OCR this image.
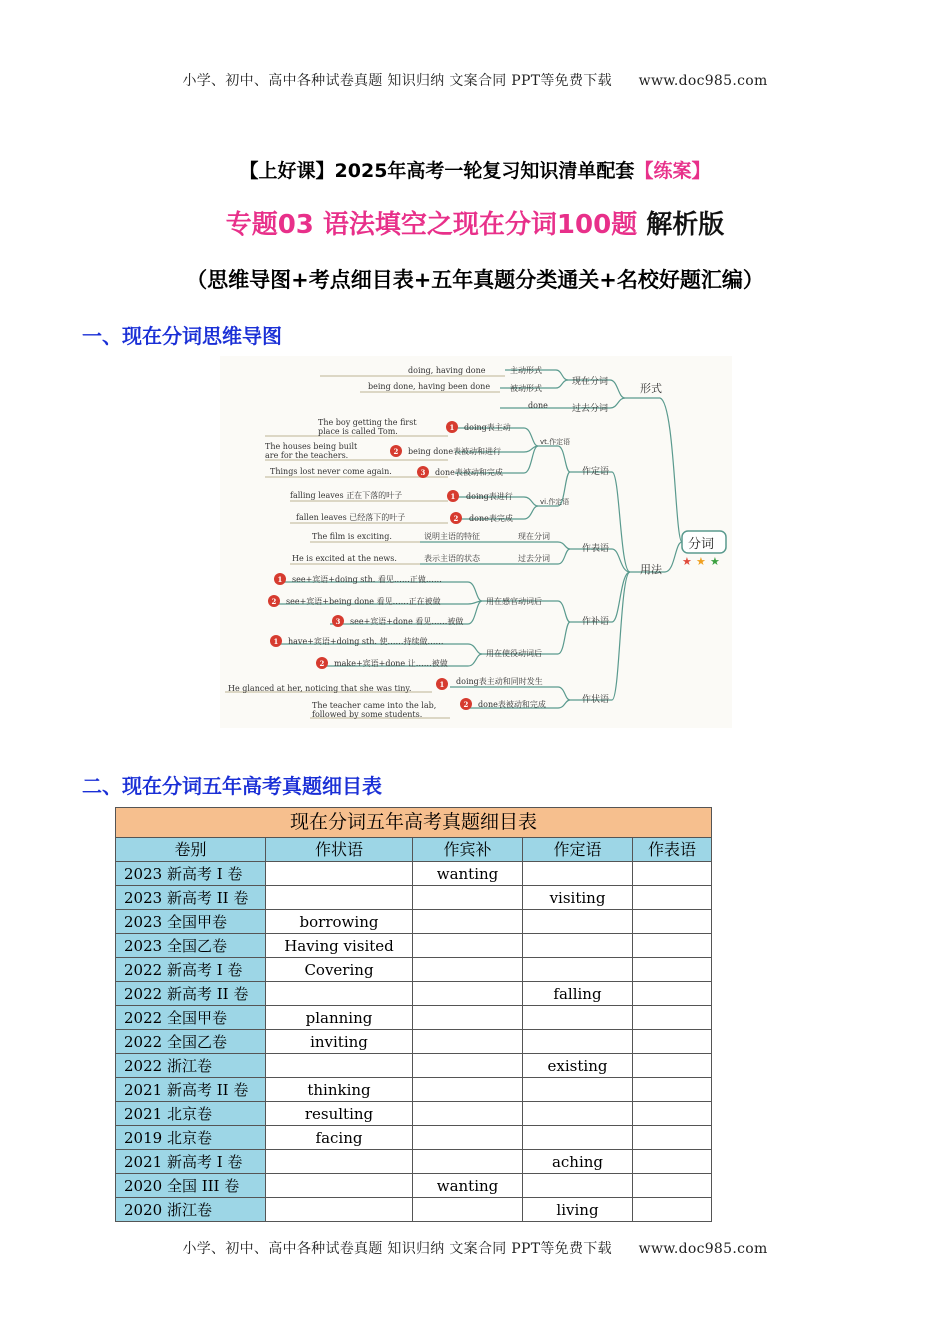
小学、初中、高中各种试卷真题 知识归纳 文案合同 PPT等免费下载 www.doc985.com
【上好课】2025年高考一轮复习知识清单配套【练案】
专题03 语法填空之现在分词100题 解析版
（思维导图+考点细目表+五年真题分类通关+名校好题汇编）
一、现在分词思维导图
分词
★ ★ ★
形式
用法
现在分词
过去分词
主动形式
被动形式
doing, having done
being done, having been done
done
作定语
vt.作定语
vi.作定语
The boy getting the first
place is called Tom.
The houses being built
are for the teachers.
Things lost never come again.
1
2
3
doing表主动
being done表被动和进行
done表被动和完成
falling leaves 正在下落的叶子
fallen leaves 已经落下的叶子
1
2
doing表进行
done表完成
作表语
The film is exciting.
He is excited at the news.
说明主语的特征
表示主语的状态
现在分词
过去分词
作补语
1
2
3
see+宾语+doing sth. 看见……正做……
see+宾语+being done 看见……正在被做
see+宾语+done 看见……被做
用在感官动词后
1
2
have+宾语+doing sth. 使……持续做……
make+宾语+done 让……被做
用在使役动词后
作状语
He glanced at her, noticing that she was tiny.	1 doing表主动和同时发生
The teacher came into the lab,
followed by some students.
2 done表被动和完成
二、现在分词五年高考真题细目表
现在分词五年高考真题细目表				
卷别	作状语	作宾补	作定语	作表语
2023 新高考 I 卷		wanting		
2023 新高考 II 卷			visiting	
2023 全国甲卷	borrowing			
2023 全国乙卷	Having visited			
2022 新高考 I 卷	Covering			
2022 新高考 II 卷			falling	
2022 全国甲卷	planning			
2022 全国乙卷	inviting			
2022 浙江卷			existing	
2021 新高考 II 卷	thinking			
2021 北京卷	resulting			
2019 北京卷	facing			
2021 新高考 I 卷			aching	
2020 全国 III 卷		wanting		
2020 浙江卷			living	
小学、初中、高中各种试卷真题 知识归纳 文案合同 PPT等免费下载 www.doc985.com
